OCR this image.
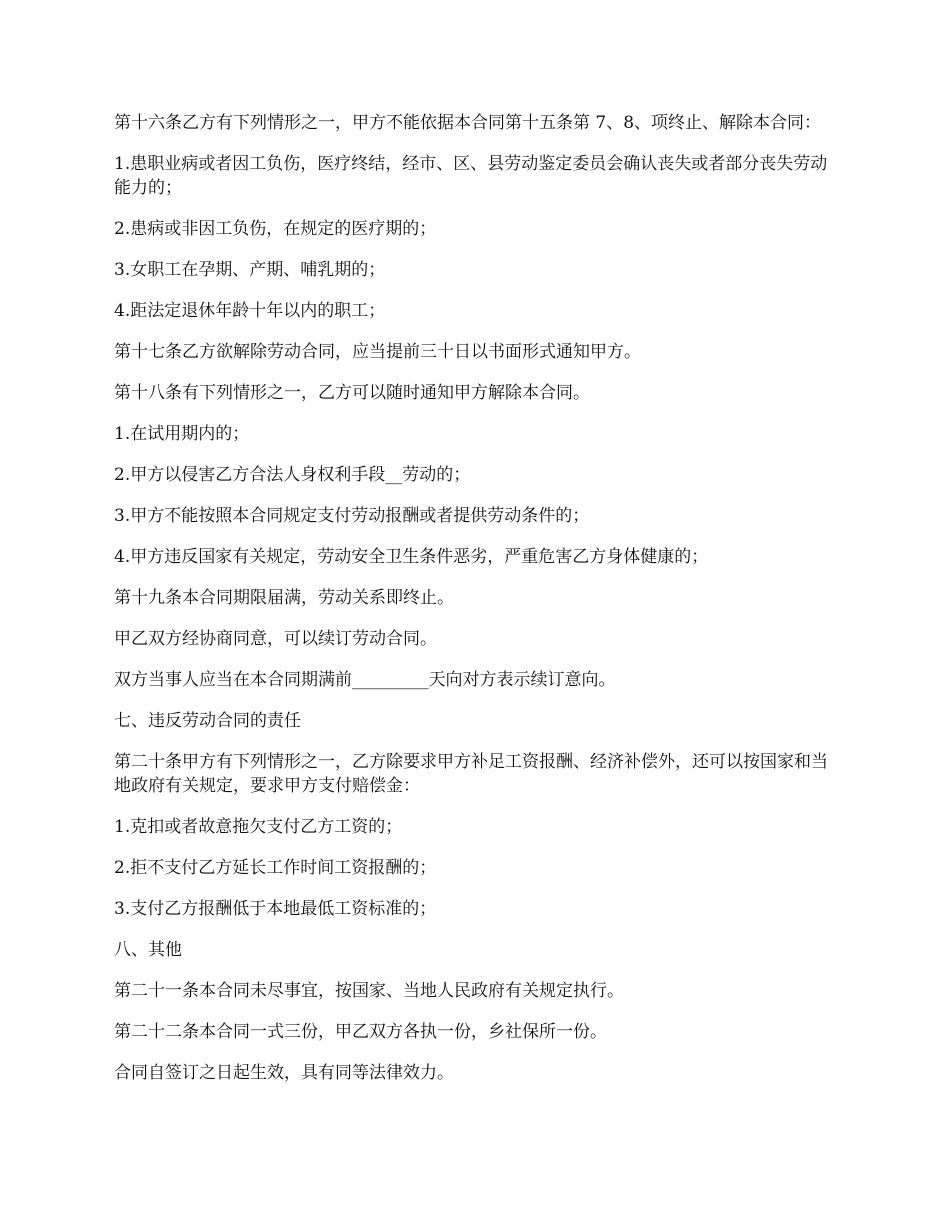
第十六条乙方有下列情形之一，甲方不能依据本合同第十五条第 7、8、项终止、解除本合同：

1.患职业病或者因工负伤，医疗终结，经市、区、县劳动鉴定委员会确认丧失或者部分丧失劳动能力的；

2.患病或非因工负伤，在规定的医疗期的；

3.女职工在孕期、产期、哺乳期的；

4.距法定退休年龄十年以内的职工；

第十七条乙方欲解除劳动合同，应当提前三十日以书面形式通知甲方。

第十八条有下列情形之一，乙方可以随时通知甲方解除本合同。

1.在试用期内的；

2.甲方以侵害乙方合法人身权利手段__劳动的；

3.甲方不能按照本合同规定支付劳动报酬或者提供劳动条件的；

4.甲方违反国家有关规定，劳动安全卫生条件恶劣，严重危害乙方身体健康的；

第十九条本合同期限届满，劳动关系即终止。

甲乙双方经协商同意，可以续订劳动合同。

双方当事人应当在本合同期满前_________天向对方表示续订意向。

七、违反劳动合同的责任

第二十条甲方有下列情形之一，乙方除要求甲方补足工资报酬、经济补偿外，还可以按国家和当地政府有关规定，要求甲方支付赔偿金：

1.克扣或者故意拖欠支付乙方工资的；

2.拒不支付乙方延长工作时间工资报酬的；

3.支付乙方报酬低于本地最低工资标准的；

八、其他

第二十一条本合同未尽事宜，按国家、当地人民政府有关规定执行。

第二十二条本合同一式三份，甲乙双方各执一份，乡社保所一份。

合同自签订之日起生效，具有同等法律效力。
